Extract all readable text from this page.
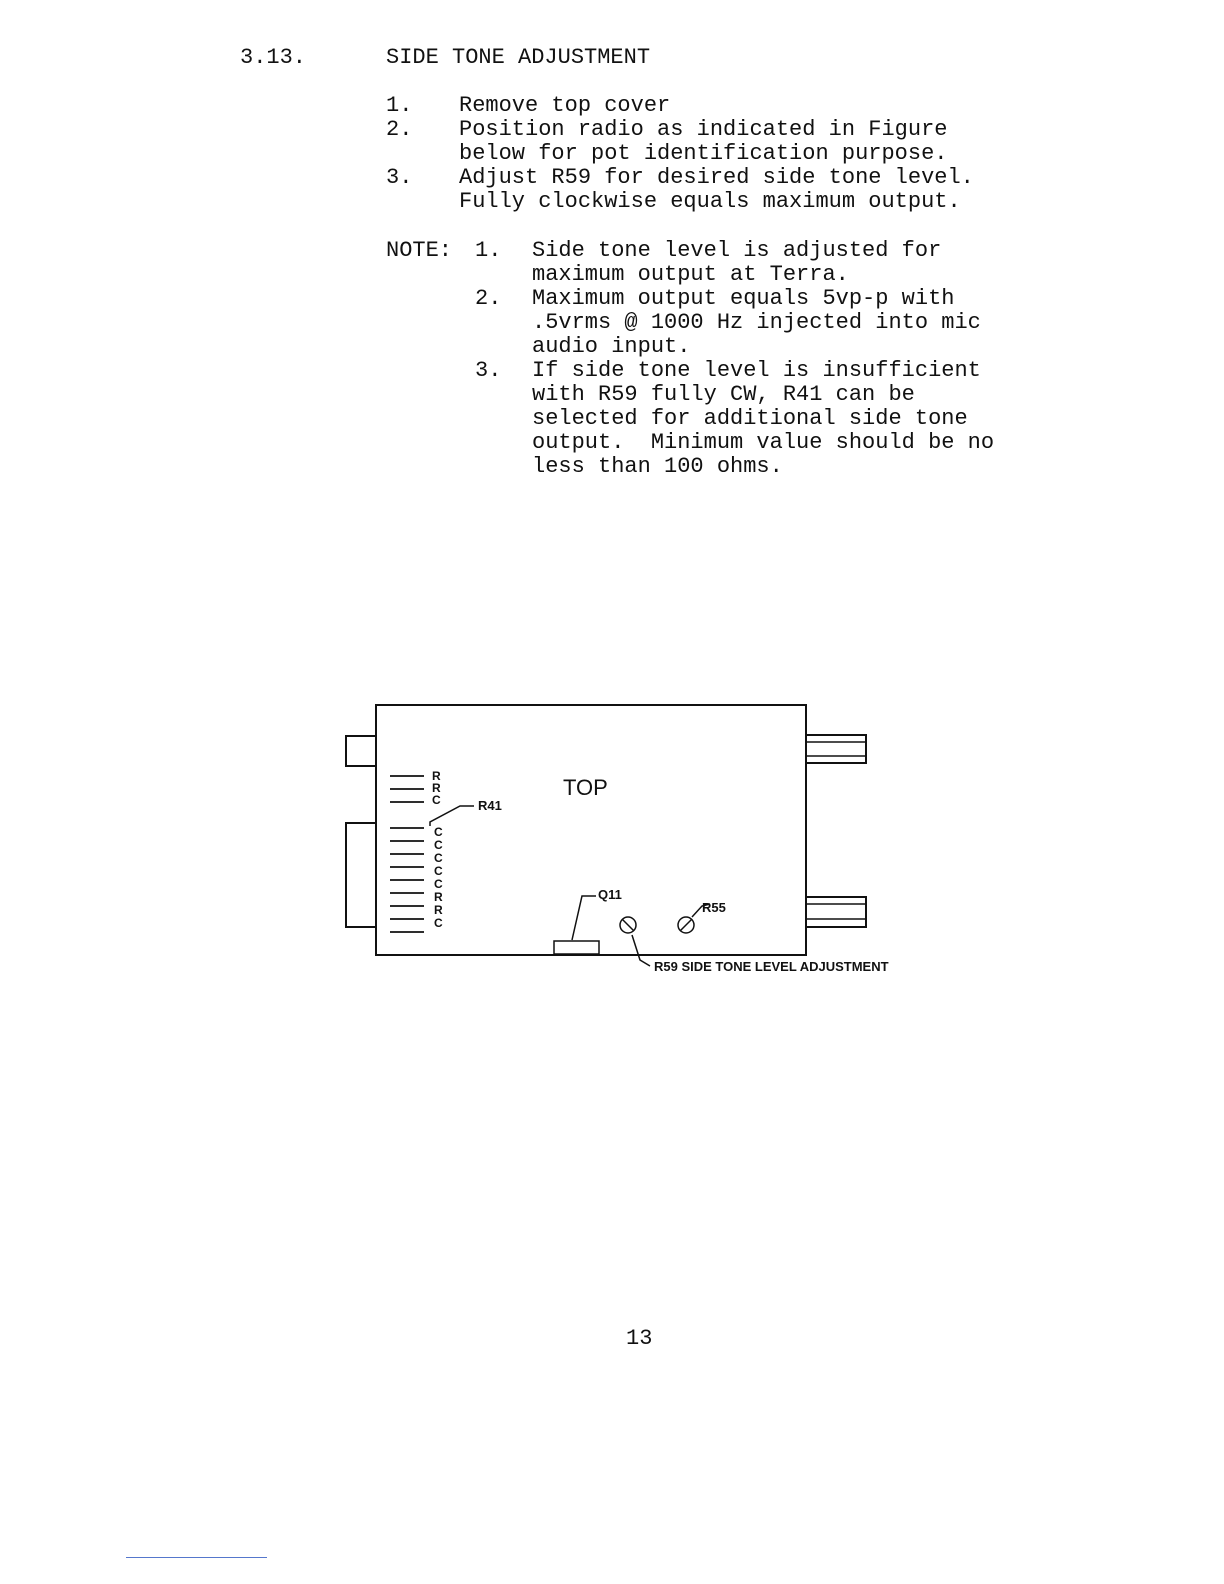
3.13.	SIDE TONE ADJUSTMENT
1. Remove top cover
2. Position radio as indicated in Figure
below for pot identification purpose.
3. Adjust R59 for desired side tone level.
Fully clockwise equals maximum output.
NOTE: 1. Side tone level is adjusted for
maximum output at Terra.
2. Maximum output equals 5vp-p with
.5vrms @ 1000 Hz injected into mic
audio input.
3. If side tone level is insufficient
with R59 fully CW, R41 can be
selected for additional side tone
output.  Minimum value should be no
less than 100 ohms.
R
R
C
C
C
C
C
C
R
R
C
TOP
R41
Q11
R55
R59 SIDE TONE LEVEL ADJUSTMENT
13
